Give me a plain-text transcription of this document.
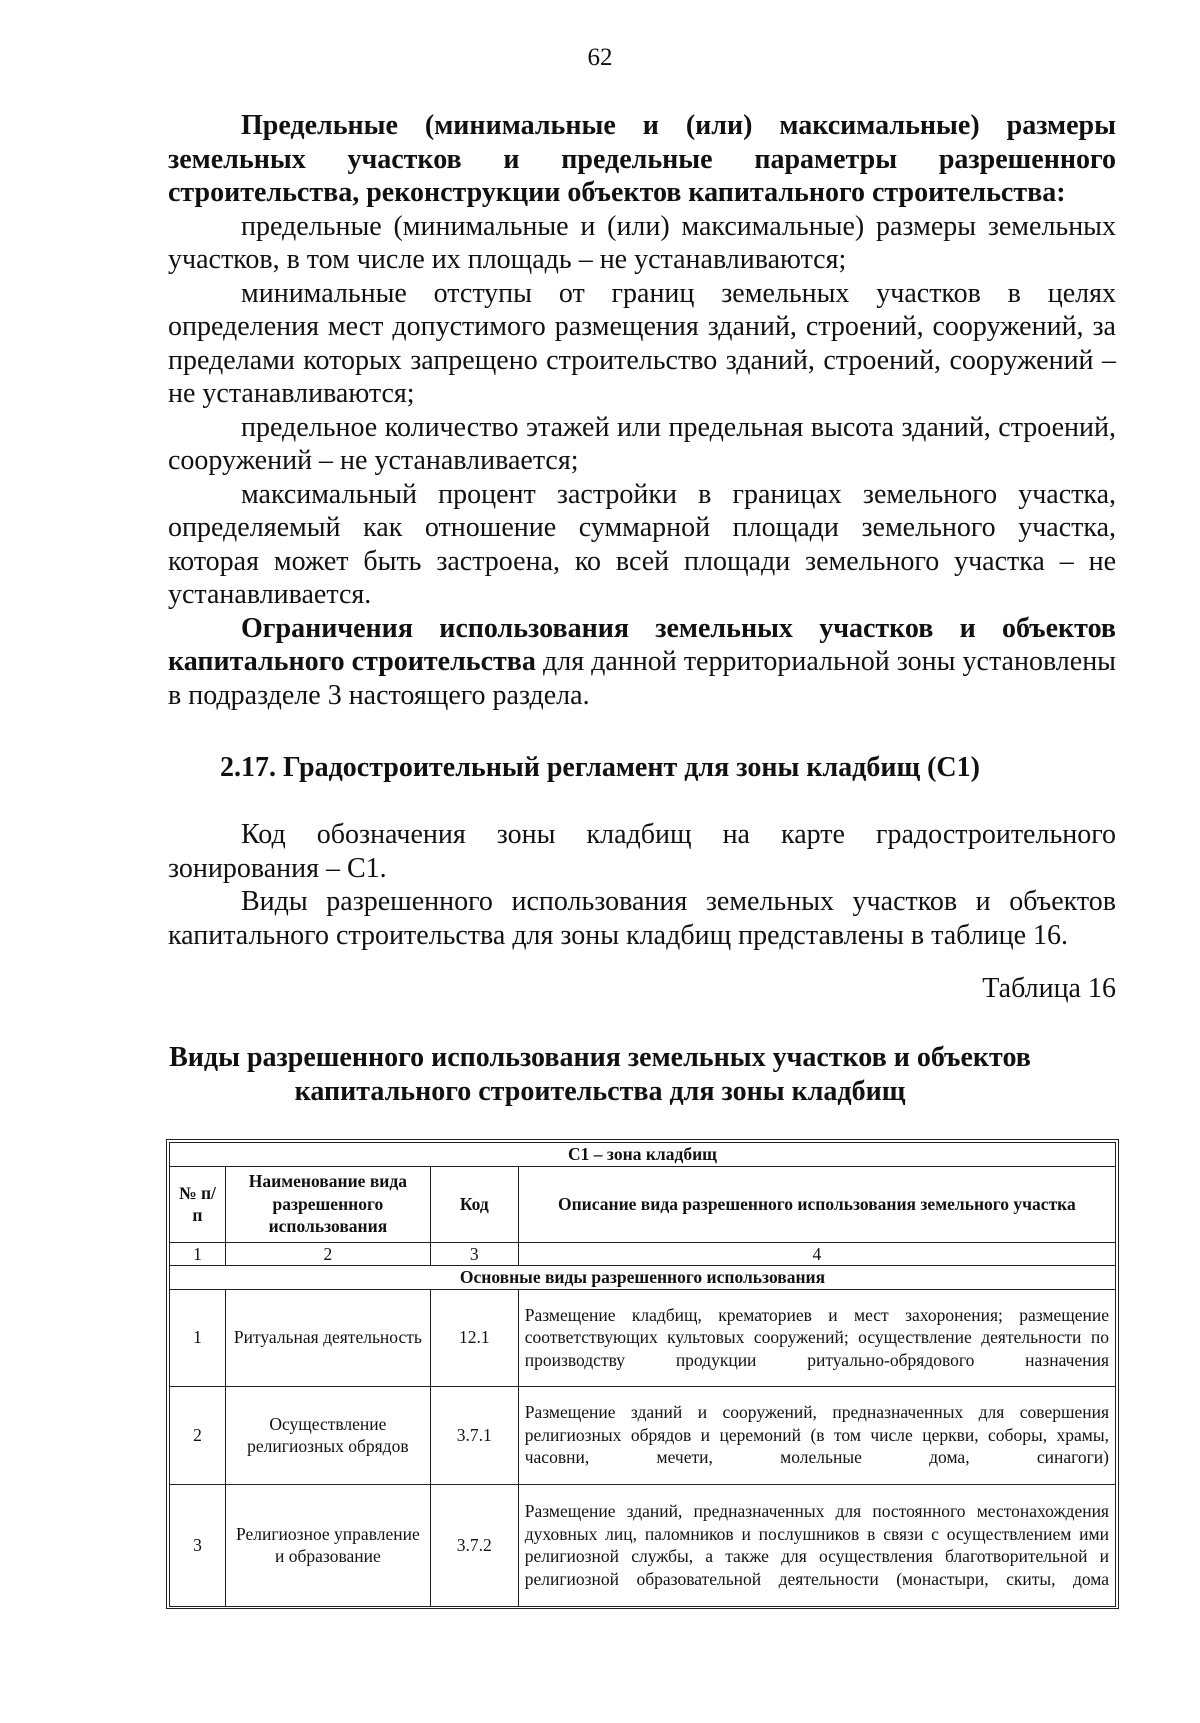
62

Предельные (минимальные и (или) максимальные) размеры земельных участков и предельные параметры разрешенного строительства, реконструкции объектов капитального строительства:

предельные (минимальные и (или) максимальные) размеры земельных участков, в том числе их площадь – не устанавливаются;

минимальные отступы от границ земельных участков в целях определения мест допустимого размещения зданий, строений, сооружений, за пределами которых запрещено строительство зданий, строений, сооружений – не устанавливаются;

предельное количество этажей или предельная высота зданий, строений, сооружений – не устанавливается;

максимальный процент застройки в границах земельного участка, определяемый как отношение суммарной площади земельного участка, которая может быть застроена, ко всей площади земельного участка – не устанавливается.

Ограничения использования земельных участков и объектов капитального строительства для данной территориальной зоны установлены в подразделе 3 настоящего раздела.

2.17. Градостроительный регламент для зоны кладбищ (С1)

Код обозначения зоны кладбищ на карте градостроительного зонирования – С1.

Виды разрешенного использования земельных участков и объектов капитального строительства для зоны кладбищ представлены в таблице 16.

Таблица 16
Виды разрешенного использования земельных участков и объектов
капитального строительства для зоны кладбищ
С1 – зона кладбищ			
№ п/п	Наименование вида разрешенного использования	Код	Описание вида разрешенного использования земельного участка
1	2	3	4
Основные виды разрешенного использования			
1	Ритуальная деятельность	12.1	Размещение кладбищ, крематориев и мест захоронения; размещение соответствующих культовых сооружений; осуществление деятельности по производству продукции ритуально-обрядового назначения
2	Осуществление религиозных обрядов	3.7.1	Размещение зданий и сооружений, предназначенных для совершения религиозных обрядов и церемоний (в том числе церкви, соборы, храмы, часовни, мечети, молельные дома, синагоги)
3	Религиозное управление и образование	3.7.2	Размещение зданий, предназначенных для постоянного местонахождения духовных лиц, паломников и послушников в связи с осуществлением ими религиозной службы, а также для осуществления благотворительной и религиозной образовательной деятельности (монастыри, скиты, дома
